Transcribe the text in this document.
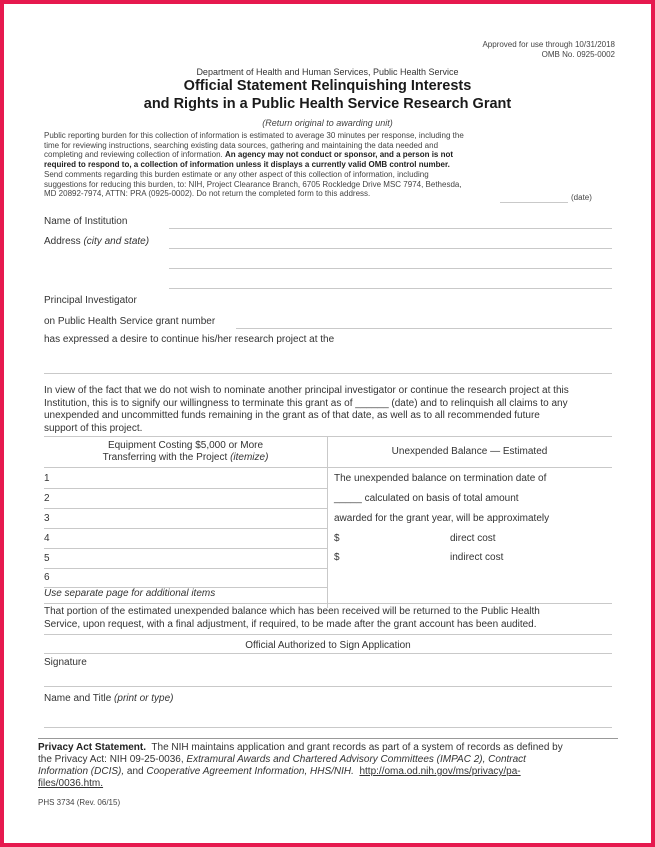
Approved for use through 10/31/2018
OMB No. 0925-0002
Department of Health and Human Services, Public Health Service
Official Statement Relinquishing Interests
and Rights in a Public Health Service Research Grant
(Return original to awarding unit)
Public reporting burden for this collection of information is estimated to average 30 minutes per response, including the
time for reviewing instructions, searching existing data sources, gathering and maintaining the data needed and
completing and reviewing collection of information. An agency may not conduct or sponsor, and a person is not
required to respond to, a collection of information unless it displays a currently valid OMB control number.
Send comments regarding this burden estimate or any other aspect of this collection of information, including
suggestions for reducing this burden, to: NIH, Project Clearance Branch, 6705 Rockledge Drive MSC 7974, Bethesda,
MD 20892-7974, ATTN: PRA (0925-0002). Do not return the completed form to this address.	(date)
Name of Institution
Address (city and state)
Principal Investigator
on Public Health Service grant number
has expressed a desire to continue his/her research project at the
In view of the fact that we do not wish to nominate another principal investigator or continue the research project at this
Institution, this is to signify our willingness to terminate this grant as of ______ (date) and to relinquish all claims to any
unexpended and uncommitted funds remaining in the grant as of that date, as well as to all recommended future
support of this project.
Equipment Costing $5,000 or More
Transferring with the Project (itemize)	Unexpended Balance — Estimated
1
2
3
4
5
6
Use separate page for additional items
The unexpended balance on termination date of
_____ calculated on basis of total amount
awarded for the grant year, will be approximately
$	direct cost
$	indirect cost
That portion of the estimated unexpended balance which has been received will be returned to the Public Health
Service, upon request, with a final adjustment, if required, to be made after the grant account has been audited.
Official Authorized to Sign Application
Signature
Name and Title (print or type)
Privacy Act Statement. The NIH maintains application and grant records as part of a system of records as defined by
the Privacy Act: NIH 09-25-0036, Extramural Awards and Chartered Advisory Committees (IMPAC 2), Contract
Information (DCIS), and Cooperative Agreement Information, HHS/NIH. http://oma.od.nih.gov/ms/privacy/pa-
files/0036.htm.
PHS 3734 (Rev. 06/15)
